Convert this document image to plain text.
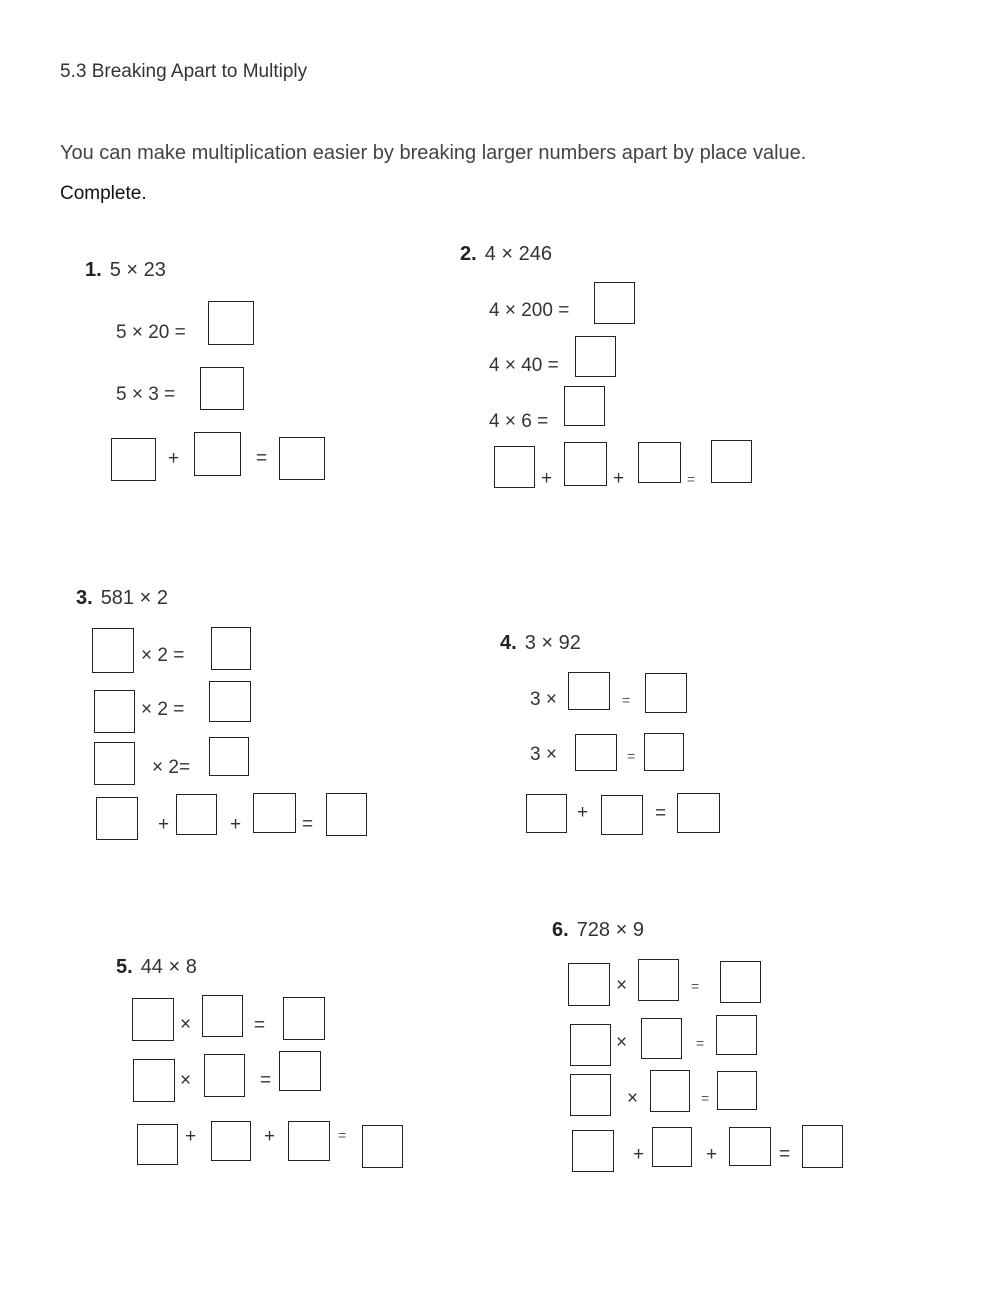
5.3 Breaking Apart to Multiply
You can make multiplication easier by breaking larger numbers apart by place value.
Complete.
1. 5 × 23
5 × 20 =
5 × 3 =
+	=
2. 4 × 246
4 × 200 =
4 × 40 =
4 × 6 =
+	+	=
3. 581 × 2
× 2 =
× 2 =
× 2=
+	+	=
4. 3 × 92
3 ×	=
3 ×	=
+	=
5. 44 × 8
×	=
×	=
+	+	=
6. 728 × 9
×	=
×	=
×	=
+	+	=
